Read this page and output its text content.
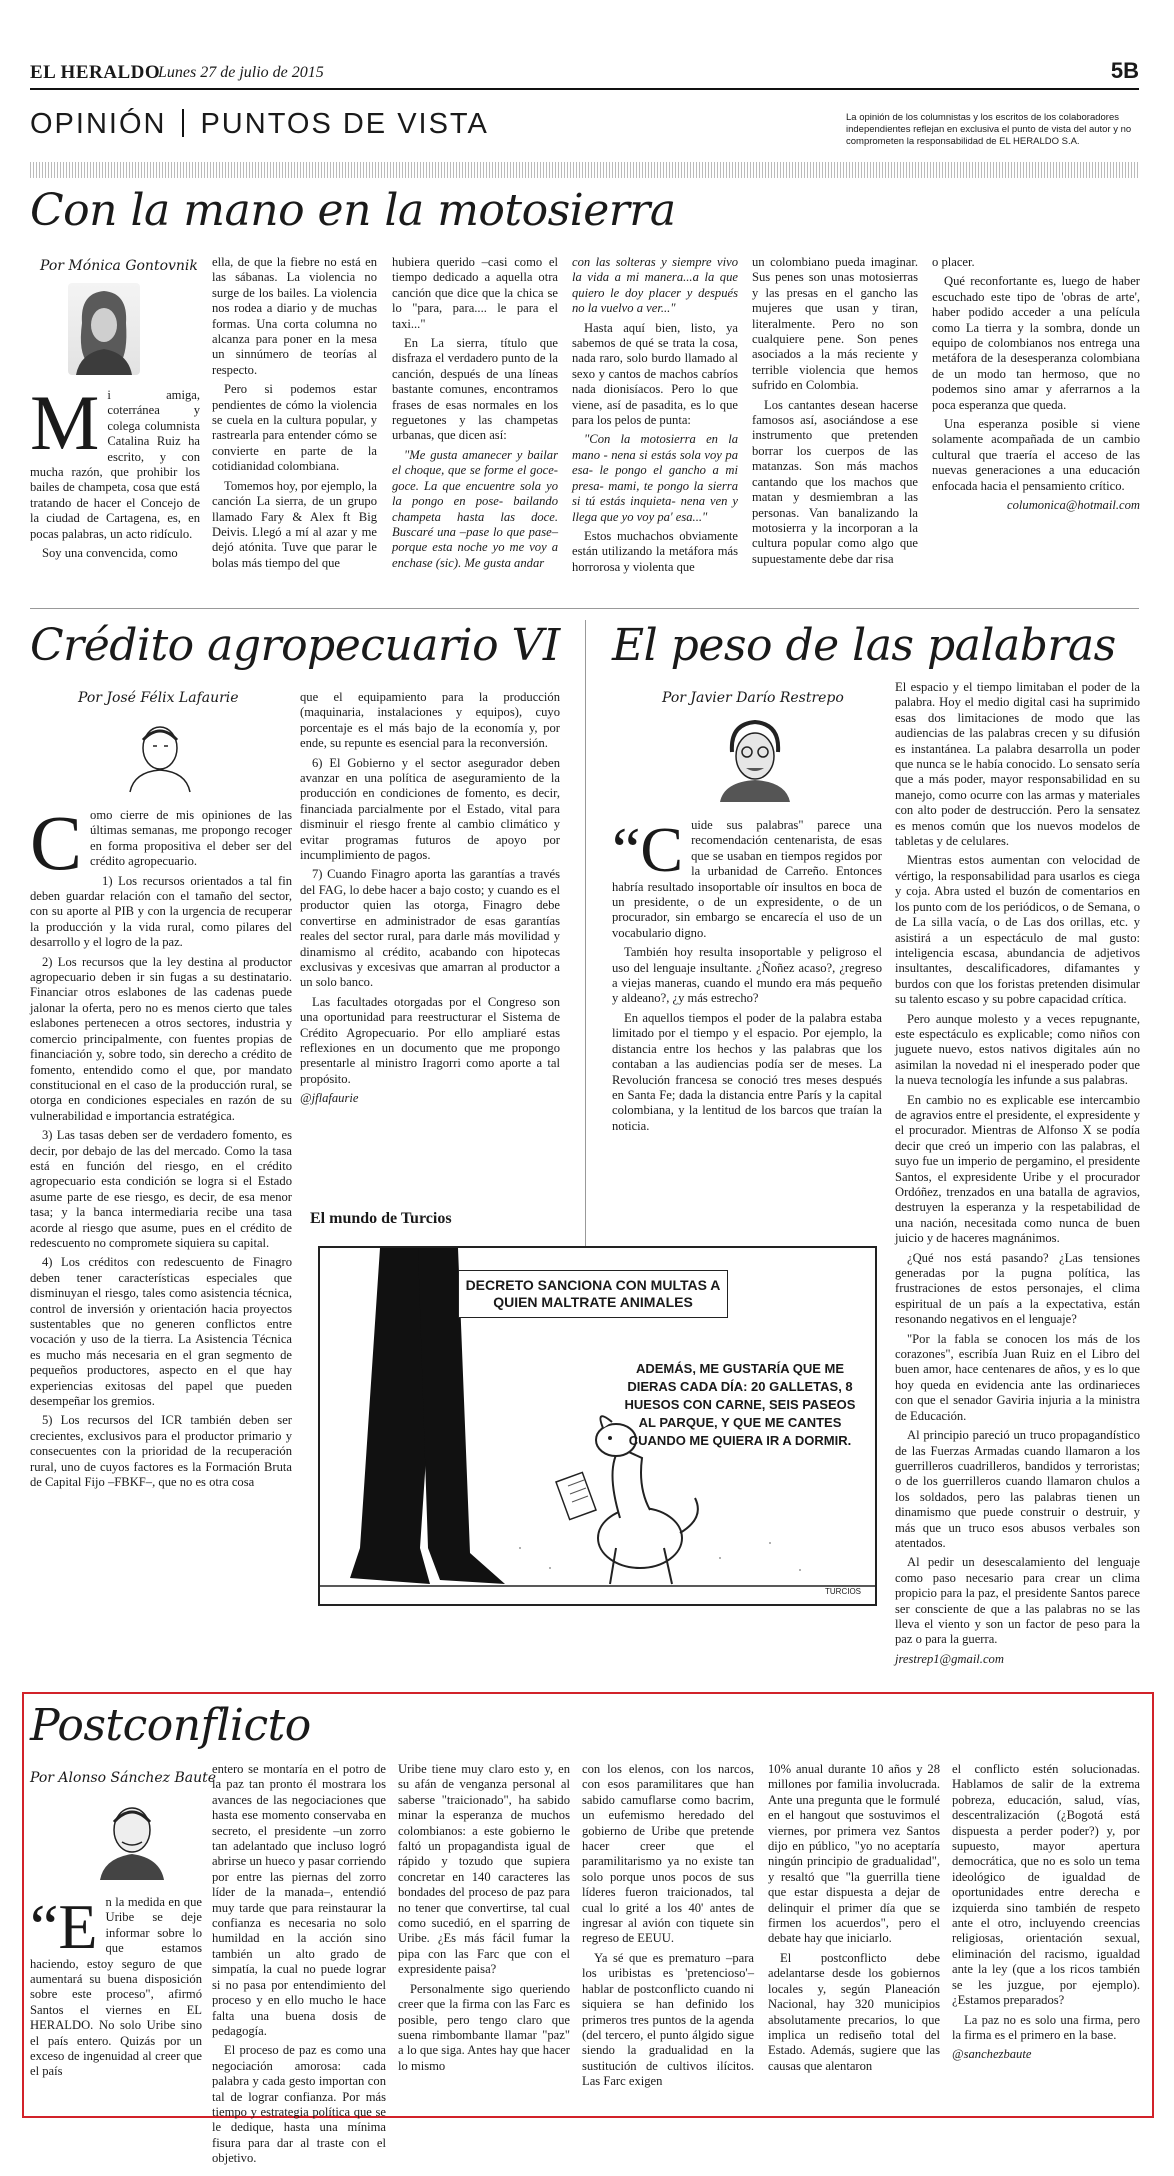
EL HERALDO
Lunes 27 de julio de 2015	5B
OPINIÓN PUNTOS DE VISTA	La opinión de los columnistas y los escritos de los colaboradores independientes reflejan en exclusiva el punto de vista del autor y no comprometen la responsabilidad de EL HERALDO S.A.
Con la mano en la motosierra
Por Mónica Gontovnik

Mi amiga, coterránea y colega columnista Catalina Ruiz ha escrito, y con mucha razón, que prohibir los bailes de champeta, cosa que está tratando de hacer el Concejo de la ciudad de Cartagena, es, en pocas palabras, un acto ridículo.

Soy una convencida, como

ella, de que la fiebre no está en las sábanas. La violencia no surge de los bailes. La violencia nos rodea a diario y de muchas formas. Una corta columna no alcanza para poner en la mesa un sinnúmero de teorías al respecto.

Pero si podemos estar pendientes de cómo la violencia se cuela en la cultura popular, y rastrearla para entender cómo se convierte en parte de la cotidianidad colombiana.

Tomemos hoy, por ejemplo, la canción La sierra, de un grupo llamado Fary & Alex ft Big Deivis. Llegó a mí al azar y me dejó atónita. Tuve que parar le bolas más tiempo del que

hubiera querido –casi como el tiempo dedicado a aquella otra canción que dice que la chica se lo "para, para.... le para el taxi..."

En La sierra, título que disfraza el verdadero punto de la canción, después de una líneas bastante comunes, encontramos frases de esas normales en los reguetones y las champetas urbanas, que dicen así:

"Me gusta amanecer y bailar el choque, que se forme el goce-goce. La que encuentre sola yo la pongo en pose- bailando champeta hasta las doce. Buscaré una –pase lo que pase– porque esta noche yo me voy a enchase (sic). Me gusta andar

con las solteras y siempre vivo la vida a mi manera...a la que quiero le doy placer y después no la vuelvo a ver..."

Hasta aquí bien, listo, ya sabemos de qué se trata la cosa, nada raro, solo burdo llamado al sexo y cantos de machos cabríos nada dionisíacos. Pero lo que viene, así de pasadita, es lo que para los pelos de punta:

"Con la motosierra en la mano - nena si estás sola voy pa esa- le pongo el gancho a mi presa- mami, te pongo la sierra si tú estás inquieta- nena ven y llega que yo voy pa' esa..."

Estos muchachos obviamente están utilizando la metáfora más horrorosa y violenta que

un colombiano pueda imaginar. Sus penes son unas motosierras y las presas en el gancho las mujeres que usan y tiran, literalmente. Pero no son cualquiere pene. Son penes asociados a la más reciente y terrible violencia que hemos sufrido en Colombia.

Los cantantes desean hacerse famosos así, asociándose a ese instrumento que pretenden borrar los cuerpos de las matanzas. Son más machos cantando que los machos que matan y desmiembran a las personas. Van banalizando la motosierra y la incorporan a la cultura popular como algo que supuestamente debe dar risa

o placer.

Qué reconfortante es, luego de haber escuchado este tipo de 'obras de arte', haber podido acceder a una película como La tierra y la sombra, donde un equipo de colombianos nos entrega una metáfora de la desesperanza colombiana de un modo tan hermoso, que no podemos sino amar y aferrarnos a la poca esperanza que queda.

Una esperanza posible si viene solamente acompañada de un cambio cultural que traería el acceso de las nuevas generaciones a una educación enfocada hacia el pensamiento crítico.

columonica@hotmail.com

Crédito agropecuario VI
Por José Félix Lafaurie

Como cierre de mis opiniones de las últimas semanas, me propongo recoger en forma propositiva el deber ser del crédito agropecuario.

1) Los recursos orientados a tal fin deben guardar relación con el tamaño del sector, con su aporte al PIB y con la urgencia de recuperar la producción y la vida rural, como pilares del desarrollo y el logro de la paz.

2) Los recursos que la ley destina al productor agropecuario deben ir sin fugas a su destinatario. Financiar otros eslabones de las cadenas puede jalonar la oferta, pero no es menos cierto que tales eslabones pertenecen a otros sectores, industria y comercio principalmente, con fuentes propias de financiación y, sobre todo, sin derecho a crédito de fomento, entendido como el que, por mandato constitucional en el caso de la producción rural, se otorga en condiciones especiales en razón de su vulnerabilidad e importancia estratégica.

3) Las tasas deben ser de verdadero fomento, es decir, por debajo de las del mercado. Como la tasa está en función del riesgo, en el crédito agropecuario esta condición se logra si el Estado asume parte de ese riesgo, es decir, de esa menor tasa; y la banca intermediaria recibe una tasa acorde al riesgo que asume, pues en el crédito de redescuento no compromete siquiera su capital.

4) Los créditos con redescuento de Finagro deben tener características especiales que disminuyan el riesgo, tales como asistencia técnica, control de inversión y orientación hacia proyectos sustentables que no generen conflictos entre vocación y uso de la tierra. La Asistencia Técnica es mucho más necesaria en el gran segmento de pequeños productores, aspecto en el que hay experiencias exitosas del papel que pueden desempeñar los gremios.

5) Los recursos del ICR también deben ser crecientes, exclusivos para el productor primario y consecuentes con la prioridad de la recuperación rural, uno de cuyos factores es la Formación Bruta de Capital Fijo –FBKF–, que no es otra cosa

que el equipamiento para la producción (maquinaria, instalaciones y equipos), cuyo porcentaje es el más bajo de la economía y, por ende, su repunte es esencial para la reconversión.

6) El Gobierno y el sector asegurador deben avanzar en una política de aseguramiento de la producción en condiciones de fomento, es decir, financiada parcialmente por el Estado, vital para disminuir el riesgo frente al cambio climático y evitar programas futuros de apoyo por incumplimiento de pagos.

7) Cuando Finagro aporta las garantías a través del FAG, lo debe hacer a bajo costo; y cuando es el productor quien las otorga, Finagro debe convertirse en administrador de esas garantías reales del sector rural, para darle más movilidad y dinamismo al crédito, acabando con hipotecas exclusivas y excesivas que amarran al productor a un solo banco.

Las facultades otorgadas por el Congreso son una oportunidad para reestructurar el Sistema de Crédito Agropecuario. Por ello ampliaré estas reflexiones en un documento que me propongo presentarle al ministro Iragorri como aporte a tal propósito.

@jflafaurie

El peso de las palabras
Por Javier Darío Restrepo

“Cuide sus palabras" parece una recomendación centenarista, de esas que se usaban en tiempos regidos por la urbanidad de Carreño. Entonces habría resultado insoportable oír insultos en boca de un presidente, o de un expresidente, o de un procurador, sin embargo se encarecía el uso de un vocabulario digno.

También hoy resulta insoportable y peligroso el uso del lenguaje insultante. ¿Ñoñez acaso?, ¿regreso a viejas maneras, cuando el mundo era más pequeño y aldeano?, ¿y más estrecho?

En aquellos tiempos el poder de la palabra estaba limitado por el tiempo y el espacio. Por ejemplo, la distancia entre los hechos y las palabras que los contaban a las audiencias podía ser de meses. La Revolución francesa se conoció tres meses después en Santa Fe; dada la distancia entre París y la capital colombiana, y la lentitud de los barcos que traían la noticia.

El espacio y el tiempo limitaban el poder de la palabra. Hoy el medio digital casi ha suprimido esas dos limitaciones de modo que las audiencias de las palabras crecen y su difusión es instantánea. La palabra desarrolla un poder que nunca se le había conocido. Lo sensato sería que a más poder, mayor responsabilidad en su manejo, como ocurre con las armas y materiales con alto poder de destrucción. Pero la sensatez es menos común que los nuevos modelos de tabletas y de celulares.

Mientras estos aumentan con velocidad de vértigo, la responsabilidad para usarlos es ciega y coja. Abra usted el buzón de comentarios en los punto com de los periódicos, o de Semana, o de La silla vacía, o de Las dos orillas, etc. y asistirá a un espectáculo de mal gusto: inteligencia escasa, abundancia de adjetivos insultantes, descalificadores, difamantes y burdos con que los foristas pretenden disimular su talento escaso y su pobre capacidad crítica.

Pero aunque molesto y a veces repugnante, este espectáculo es explicable; como niños con juguete nuevo, estos nativos digitales aún no asimilan la novedad ni el inesperado poder que la nueva tecnología les infunde a sus palabras.

En cambio no es explicable ese intercambio de agravios entre el presidente, el expresidente y el procurador. Mientras de Alfonso X se podía decir que creó un imperio con las palabras, el suyo fue un imperio de pergamino, el presidente Santos, el expresidente Uribe y el procurador Ordóñez, trenzados en una batalla de agravios, destruyen la esperanza y la respetabilidad de una nación, necesitada como nunca de buen juicio y de haceres magnánimos.

¿Qué nos está pasando? ¿Las tensiones generadas por la pugna política, las frustraciones de estos personajes, el clima espiritual de un país a la expectativa, están resonando negativos en el lenguaje?

"Por la fabla se conocen los más de los corazones", escribía Juan Ruiz en el Libro del buen amor, hace centenares de años, y es lo que hoy queda en evidencia ante las ordinarieces con que el senador Gaviria injuria a la ministra de Educación.

Al principio pareció un truco propagandístico de las Fuerzas Armadas cuando llamaron a los guerrilleros cuadrilleros, bandidos y terroristas; o de los guerrilleros cuando llamaron chulos a los soldados, pero las palabras tienen un dinamismo que puede construir o destruir, y más que un truco esos abusos verbales son atentados.

Al pedir un desescalamiento del lenguaje como paso necesario para crear un clima propicio para la paz, el presidente Santos parece ser consciente de que a las palabras no se las lleva el viento y son un factor de peso para la paz o para la guerra.

jrestrep1@gmail.com

El mundo de Turcios
DECRETO SANCIONA CON MULTAS A QUIEN MALTRATE ANIMALES
ADEMÁS, ME GUSTARÍA QUE ME DIERAS CADA DÍA: 20 GALLETAS, 8 HUESOS CON CARNE, SEIS PASEOS AL PARQUE, Y QUE ME CANTES CUANDO ME QUIERA IR A DORMIR.
TURCIOS
Postconflicto
Por Alonso Sánchez Baute

“En la medida en que Uribe se deje informar sobre lo que estamos haciendo, estoy seguro de que aumentará su buena disposición sobre este proceso", afirmó Santos el viernes en EL HERALDO. No solo Uribe sino el país entero. Quizás por un exceso de ingenuidad al creer que el país

entero se montaría en el potro de la paz tan pronto él mostrara los avances de las negociaciones que hasta ese momento conservaba en secreto, el presidente –un zorro tan adelantado que incluso logró abrirse un hueco y pasar corriendo por entre las piernas del zorro líder de la manada–, entendió muy tarde que para reinstaurar la confianza es necesaria no solo humildad en la acción sino también un alto grado de simpatía, la cual no puede lograr si no pasa por entendimiento del proceso y en ello mucho le hace falta una buena dosis de pedagogía.

El proceso de paz es como una negociación amorosa: cada palabra y cada gesto importan con tal de lograr confianza. Por más tiempo y estrategia política que se le dedique, hasta una mínima fisura para dar al traste con el objetivo.

Uribe tiene muy claro esto y, en su afán de venganza personal al saberse "traicionado", ha sabido minar la esperanza de muchos colombianos: a este gobierno le faltó un propagandista igual de rápido y tozudo que supiera concretar en 140 caracteres las bondades del proceso de paz para no tener que convertirse, tal cual como sucedió, en el sparring de Uribe. ¿Es más fácil fumar la pipa con las Farc que con el expresidente paisa?

Personalmente sigo queriendo creer que la firma con las Farc es posible, pero tengo claro que suena rimbombante llamar "paz" a lo que siga. Antes hay que hacer lo mismo

con los elenos, con los narcos, con esos paramilitares que han sabido camuflarse como bacrim, un eufemismo heredado del gobierno de Uribe que pretende hacer creer que el paramilitarismo ya no existe tan solo porque unos pocos de sus líderes fueron traicionados, tal cual lo grité a los 40' antes de ingresar al avión con tiquete sin regreso de EEUU.

Ya sé que es prematuro –para los uribistas es 'pretencioso'– hablar de postconflicto cuando ni siquiera se han definido los primeros tres puntos de la agenda (del tercero, el punto álgido sigue siendo la gradualidad en la sustitución de cultivos ilícitos. Las Farc exigen

10% anual durante 10 años y 28 millones por familia involucrada. Ante una pregunta que le formulé en el hangout que sostuvimos el viernes, por primera vez Santos dijo en público, "yo no aceptaría ningún principio de gradualidad", y resaltó que "la guerrilla tiene que estar dispuesta a dejar de delinquir el primer día que se firmen los acuerdos", pero el debate hay que iniciarlo.

El postconflicto debe adelantarse desde los gobiernos locales y, según Planeación Nacional, hay 320 municipios absolutamente precarios, lo que implica un rediseño total del Estado. Además, sugiere que las causas que alentaron

el conflicto estén solucionadas. Hablamos de salir de la extrema pobreza, educación, salud, vías, descentralización (¿Bogotá está dispuesta a perder poder?) y, por supuesto, mayor apertura democrática, que no es solo un tema ideológico de igualdad de oportunidades entre derecha e izquierda sino también de respeto ante el otro, incluyendo creencias religiosas, orientación sexual, eliminación del racismo, igualdad ante la ley (que a los ricos también se les juzgue, por ejemplo). ¿Estamos preparados?

La paz no es solo una firma, pero la firma es el primero en la base.

@sanchezbaute
